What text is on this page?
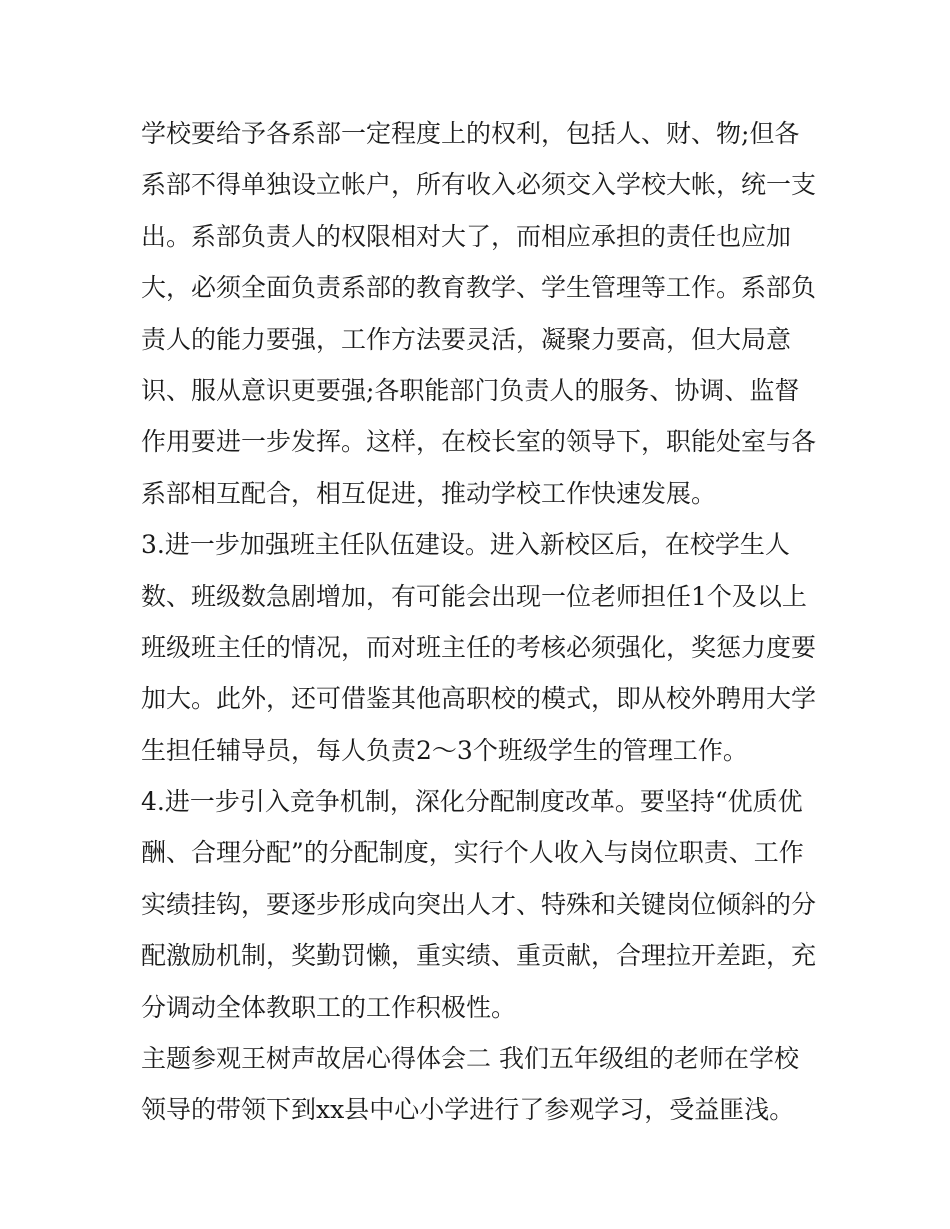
学校要给予各系部一定程度上的权利，包括人、财、物;但各
系部不得单独设立帐户，所有收入必须交入学校大帐，统一支
出。系部负责人的权限相对大了，而相应承担的责任也应加
大，必须全面负责系部的教育教学、学生管理等工作。系部负
责人的能力要强，工作方法要灵活，凝聚力要高，但大局意
识、服从意识更要强;各职能部门负责人的服务、协调、监督
作用要进一步发挥。这样，在校长室的领导下，职能处室与各
系部相互配合，相互促进，推动学校工作快速发展。
3.进一步加强班主任队伍建设。进入新校区后，在校学生人
数、班级数急剧增加，有可能会出现一位老师担任1个及以上
班级班主任的情况，而对班主任的考核必须强化，奖惩力度要
加大。此外，还可借鉴其他高职校的模式，即从校外聘用大学
生担任辅导员，每人负责2～3个班级学生的管理工作。
4.进一步引入竞争机制，深化分配制度改革。要坚持“优质优
酬、合理分配”的分配制度，实行个人收入与岗位职责、工作
实绩挂钩，要逐步形成向突出人才、特殊和关键岗位倾斜的分
配激励机制，奖勤罚懒，重实绩、重贡献，合理拉开差距，充
分调动全体教职工的工作积极性。
主题参观王树声故居心得体会二 我们五年级组的老师在学校
领导的带领下到xx县中心小学进行了参观学习，受益匪浅。
